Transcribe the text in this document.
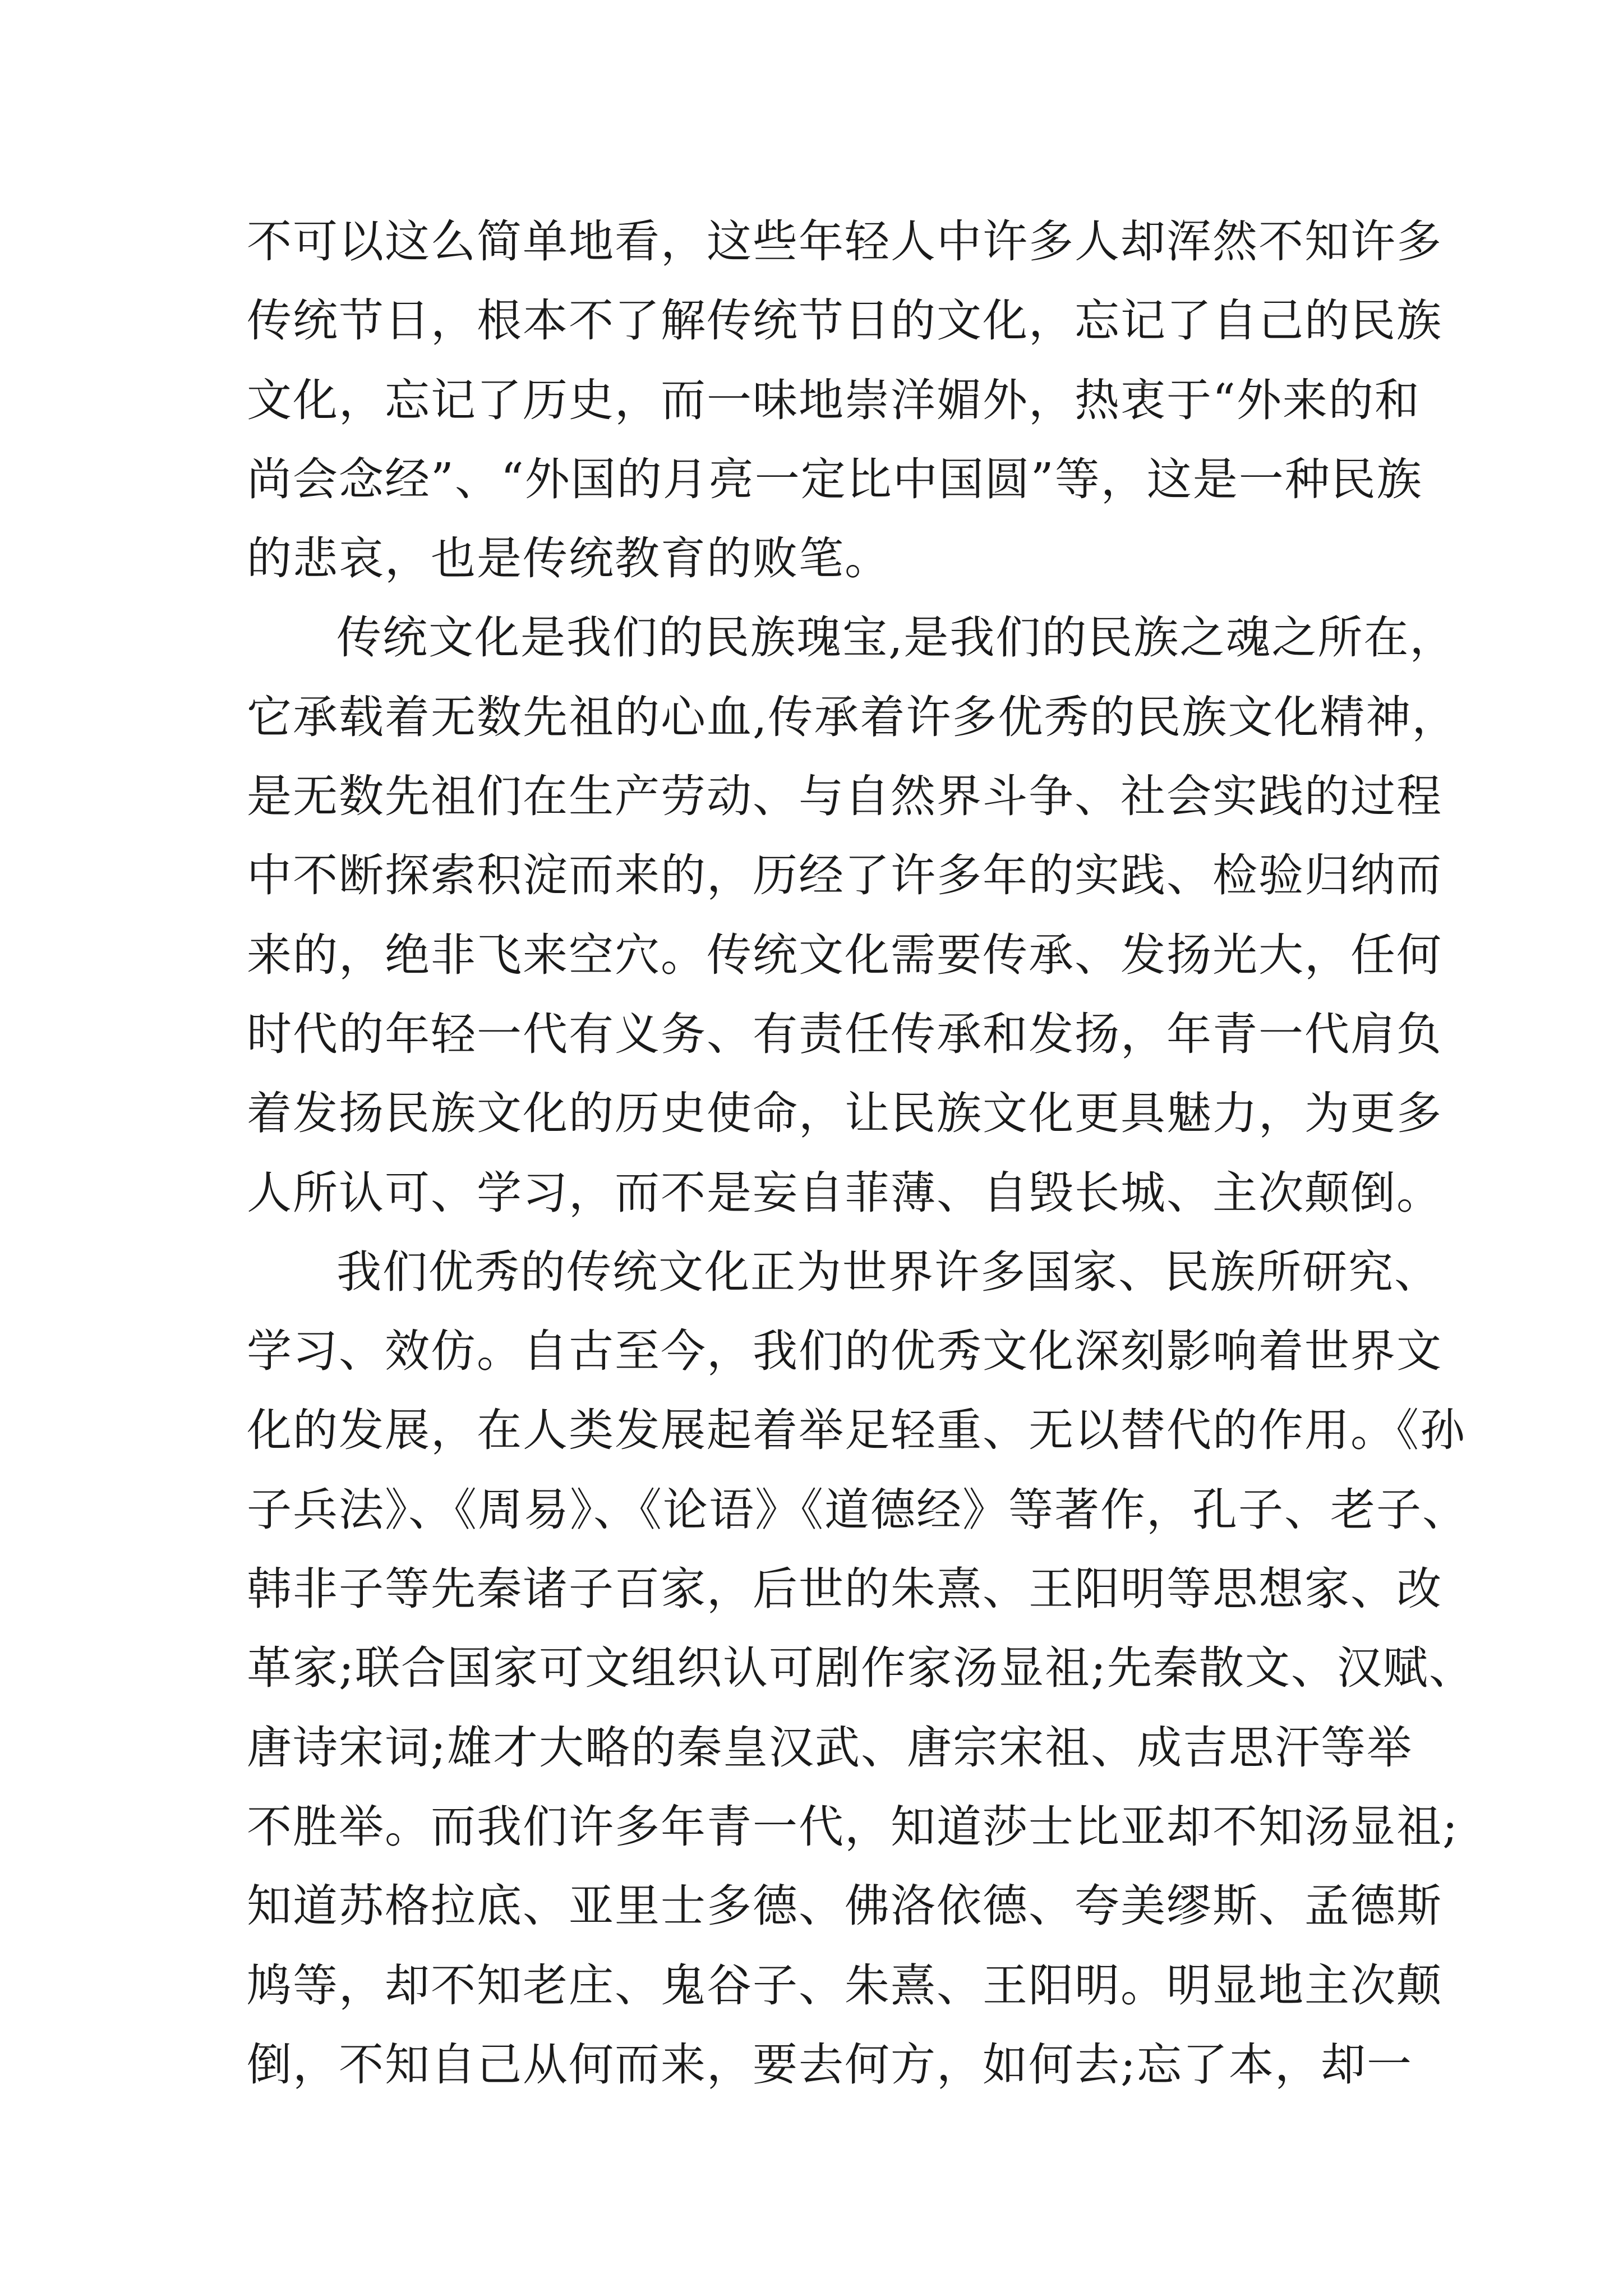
不可以这么简单地看，这些年轻人中许多人却浑然不知许多
传统节日，根本不了解传统节日的文化，忘记了自己的民族
文化，忘记了历史，而一味地崇洋媚外，热衷于“外来的和
尚会念经”、“外国的月亮一定比中国圆”等，这是一种民族
的悲哀，也是传统教育的败笔。
传统文化是我们的民族瑰宝,是我们的民族之魂之所在，
它承载着无数先祖的心血,传承着许多优秀的民族文化精神，
是无数先祖们在生产劳动、与自然界斗争、社会实践的过程
中不断探索积淀而来的，历经了许多年的实践、检验归纳而
来的，绝非飞来空穴。传统文化需要传承、发扬光大，任何
时代的年轻一代有义务、有责任传承和发扬，年青一代肩负
着发扬民族文化的历史使命，让民族文化更具魅力，为更多
人所认可、学习，而不是妄自菲薄、自毁长城、主次颠倒。
我们优秀的传统文化正为世界许多国家、民族所研究、
学习、效仿。自古至今，我们的优秀文化深刻影响着世界文
化的发展，在人类发展起着举足轻重、无以替代的作用。《孙
子兵法》、《周易》、《论语》《道德经》等著作，孔子、老子、
韩非子等先秦诸子百家，后世的朱熹、王阳明等思想家、改
革家;联合国家可文组织认可剧作家汤显祖;先秦散文、汉赋、
唐诗宋词;雄才大略的秦皇汉武、唐宗宋祖、成吉思汗等举
不胜举。而我们许多年青一代，知道莎士比亚却不知汤显祖;
知道苏格拉底、亚里士多德、佛洛依德、夸美缪斯、孟德斯
鸠等，却不知老庄、鬼谷子、朱熹、王阳明。明显地主次颠
倒，不知自己从何而来，要去何方，如何去;忘了本，却一
